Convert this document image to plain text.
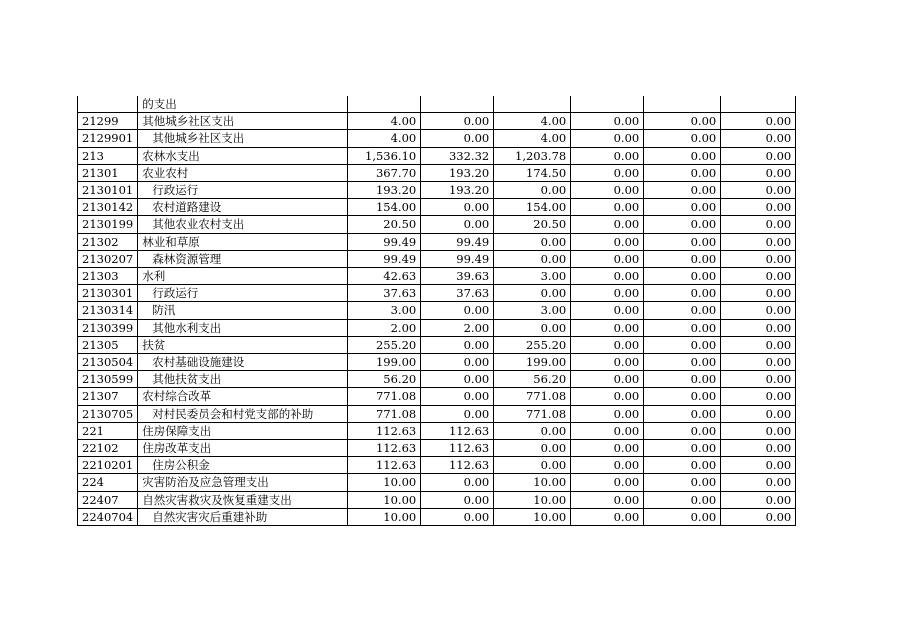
	的支出						
21299	其他城乡社区支出	4.00	0.00	4.00	0.00	0.00	0.00
2129901	其他城乡社区支出	4.00	0.00	4.00	0.00	0.00	0.00
213	农林水支出	1,536.10	332.32	1,203.78	0.00	0.00	0.00
21301	农业农村	367.70	193.20	174.50	0.00	0.00	0.00
2130101	行政运行	193.20	193.20	0.00	0.00	0.00	0.00
2130142	农村道路建设	154.00	0.00	154.00	0.00	0.00	0.00
2130199	其他农业农村支出	20.50	0.00	20.50	0.00	0.00	0.00
21302	林业和草原	99.49	99.49	0.00	0.00	0.00	0.00
2130207	森林资源管理	99.49	99.49	0.00	0.00	0.00	0.00
21303	水利	42.63	39.63	3.00	0.00	0.00	0.00
2130301	行政运行	37.63	37.63	0.00	0.00	0.00	0.00
2130314	防汛	3.00	0.00	3.00	0.00	0.00	0.00
2130399	其他水利支出	2.00	2.00	0.00	0.00	0.00	0.00
21305	扶贫	255.20	0.00	255.20	0.00	0.00	0.00
2130504	农村基础设施建设	199.00	0.00	199.00	0.00	0.00	0.00
2130599	其他扶贫支出	56.20	0.00	56.20	0.00	0.00	0.00
21307	农村综合改革	771.08	0.00	771.08	0.00	0.00	0.00
2130705	对村民委员会和村党支部的补助	771.08	0.00	771.08	0.00	0.00	0.00
221	住房保障支出	112.63	112.63	0.00	0.00	0.00	0.00
22102	住房改革支出	112.63	112.63	0.00	0.00	0.00	0.00
2210201	住房公积金	112.63	112.63	0.00	0.00	0.00	0.00
224	灾害防治及应急管理支出	10.00	0.00	10.00	0.00	0.00	0.00
22407	自然灾害救灾及恢复重建支出	10.00	0.00	10.00	0.00	0.00	0.00
2240704	自然灾害灾后重建补助	10.00	0.00	10.00	0.00	0.00	0.00
